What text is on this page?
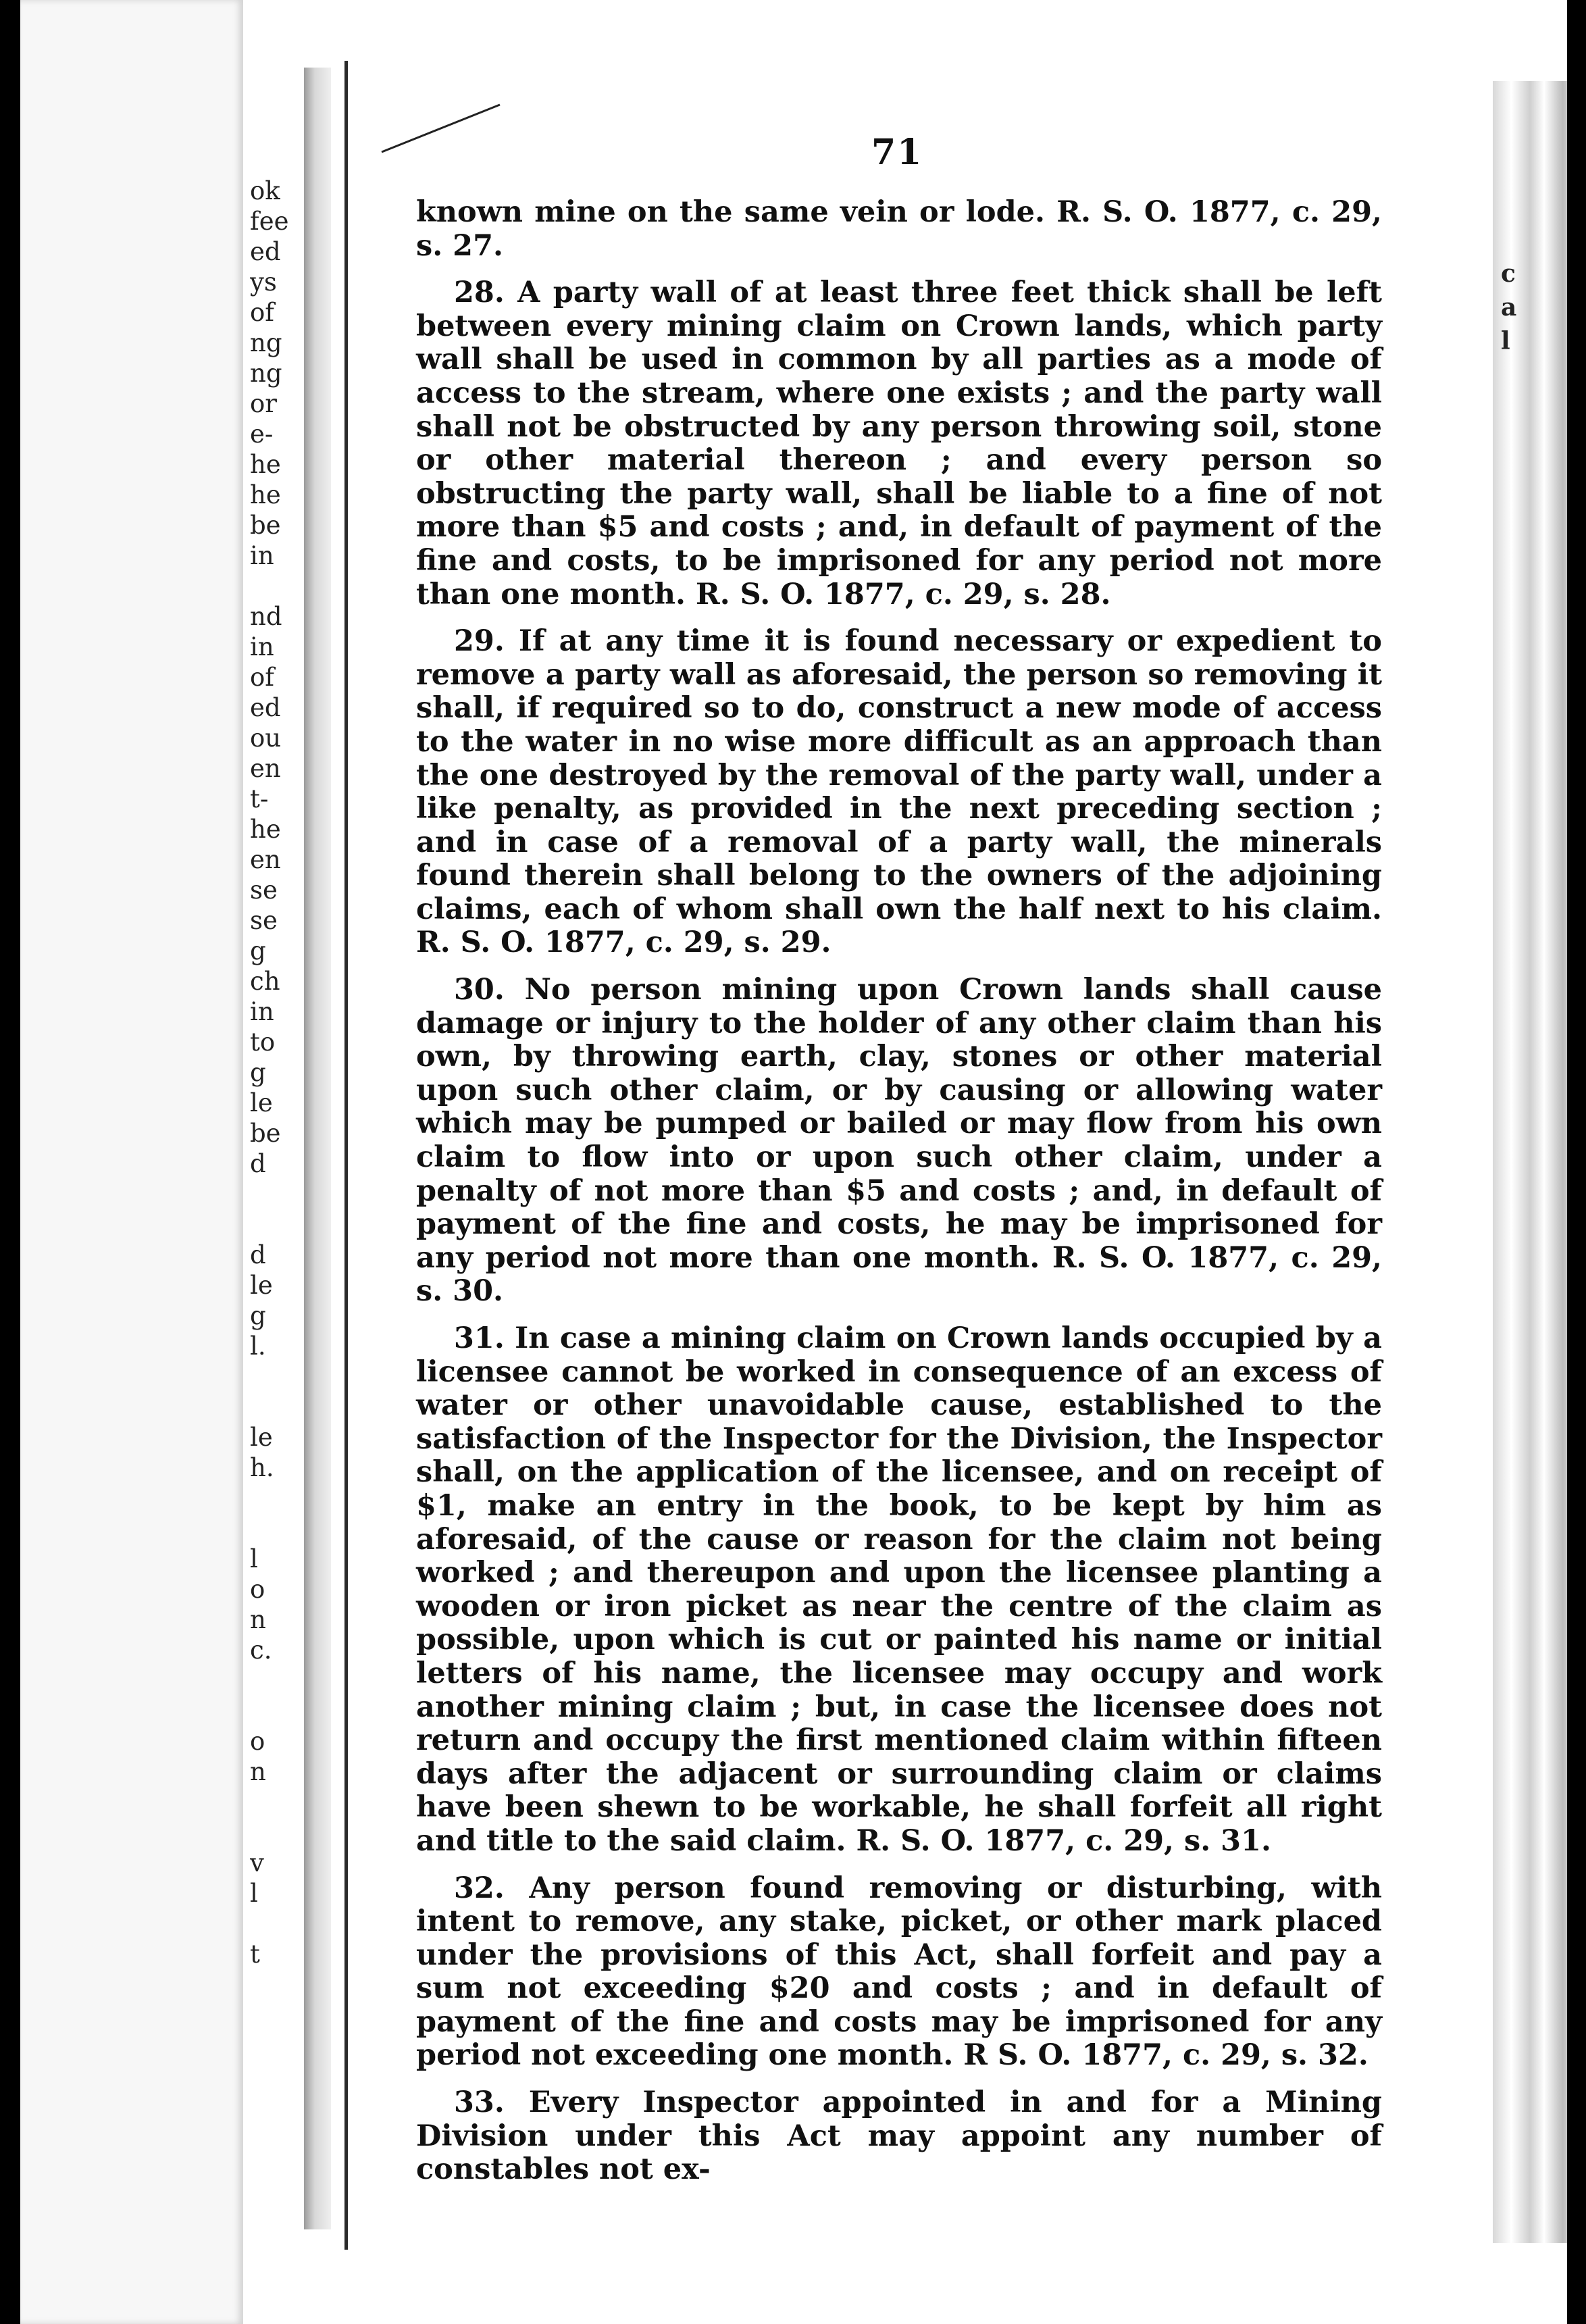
ok
fee
ed
ys
of
ng
ng
or
e-
he
he
be
in
nd
in
of
ed
ou
en
t-
he
en
se
se
g
ch
in
to
g
le
be
d
d
le
g
l.
le
h.
l
o
n
c.
o
n
v
l
t
71

known mine on the same vein or lode. R. S. O. 1877, c. 29, s. 27.

28. A party wall of at least three feet thick shall be left between every mining claim on Crown lands, which party wall shall be used in common by all parties as a mode of access to the stream, where one exists ; and the party wall shall not be obstructed by any person throwing soil, stone or other material thereon ; and every person so obstructing the party wall, shall be liable to a fine of not more than $5 and costs ; and, in default of payment of the fine and costs, to be imprisoned for any period not more than one month. R. S. O. 1877, c. 29, s. 28.

29. If at any time it is found necessary or expedient to remove a party wall as aforesaid, the person so removing it shall, if required so to do, construct a new mode of access to the water in no wise more difficult as an approach than the one destroyed by the removal of the party wall, under a like penalty, as provided in the next preceding section ; and in case of a removal of a party wall, the minerals found therein shall belong to the owners of the adjoining claims, each of whom shall own the half next to his claim. R. S. O. 1877, c. 29, s. 29.

30. No person mining upon Crown lands shall cause damage or injury to the holder of any other claim than his own, by throwing earth, clay, stones or other material upon such other claim, or by causing or allowing water which may be pumped or bailed or may flow from his own claim to flow into or upon such other claim, under a penalty of not more than $5 and costs ; and, in default of payment of the fine and costs, he may be imprisoned for any period not more than one month. R. S. O. 1877, c. 29, s. 30.

31. In case a mining claim on Crown lands occupied by a licensee cannot be worked in consequence of an excess of water or other unavoidable cause, established to the satisfaction of the Inspector for the Division, the Inspector shall, on the application of the licensee, and on receipt of $1, make an entry in the book, to be kept by him as aforesaid, of the cause or reason for the claim not being worked ; and thereupon and upon the licensee planting a wooden or iron picket as near the centre of the claim as possible, upon which is cut or painted his name or initial letters of his name, the licensee may occupy and work another mining claim ; but, in case the licensee does not return and occupy the first mentioned claim within fifteen days after the adjacent or surrounding claim or claims have been shewn to be workable, he shall forfeit all right and title to the said claim. R. S. O. 1877, c. 29, s. 31.

32. Any person found removing or disturbing, with intent to remove, any stake, picket, or other mark placed under the provisions of this Act, shall forfeit and pay a sum not exceeding $20 and costs ; and in default of payment of the fine and costs may be imprisoned for any period not exceeding one month. R S. O. 1877, c. 29, s. 32.

33. Every Inspector appointed in and for a Mining Division under this Act may appoint any number of constables not ex-

c
a
l
